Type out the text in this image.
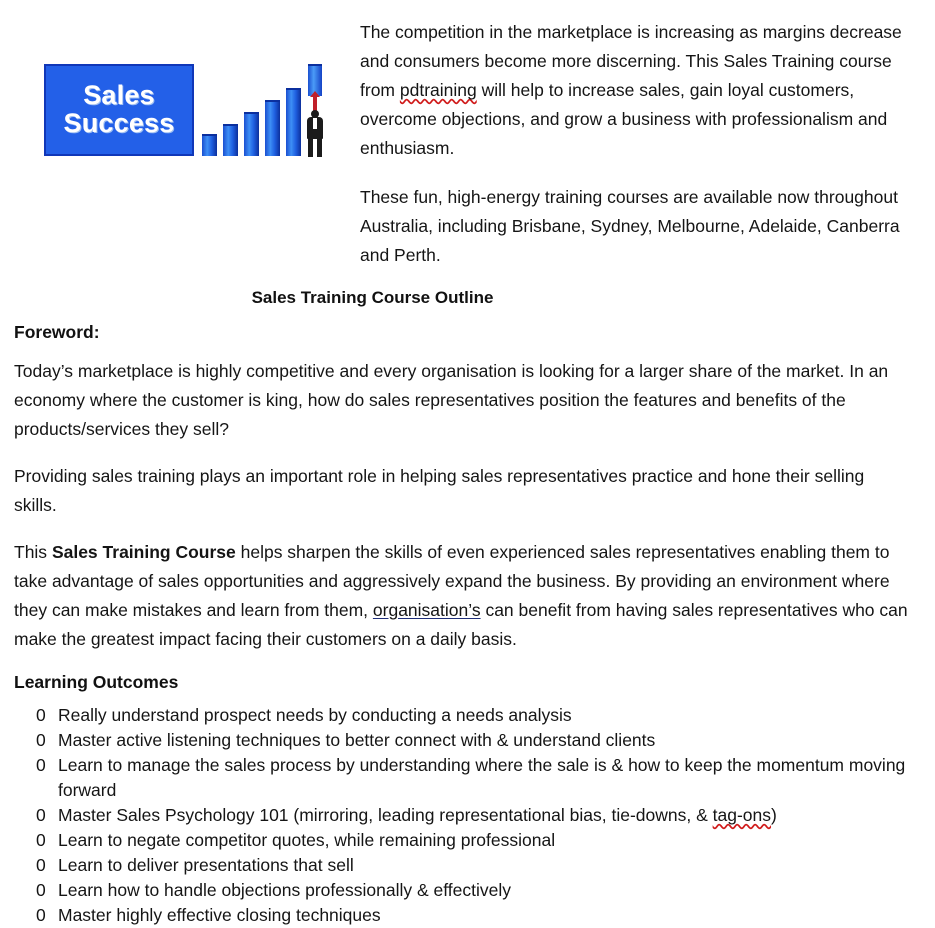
Sales
Success

The competition in the marketplace is increasing as margins decrease and consumers become more discerning. This Sales Training course from pdtraining will help to increase sales, gain loyal customers, overcome objections, and grow a business with professionalism and enthusiasm.

These fun, high-energy training courses are available now throughout Australia, including Brisbane, Sydney, Melbourne, Adelaide, Canberra and Perth.

Sales Training Course Outline
Foreword:

Today’s marketplace is highly competitive and every organisation is looking for a larger share of the market. In an economy where the customer is king, how do sales representatives position the features and benefits of the products/services they sell?

Providing sales training plays an important role in helping sales representatives practice and hone their selling skills.

This Sales Training Course helps sharpen the skills of even experienced sales representatives enabling them to take advantage of sales opportunities and aggressively expand the business. By providing an environment where they can make mistakes and learn from them, organisation’s can benefit from having sales representatives who can make the greatest impact facing their customers on a daily basis.

Learning Outcomes
0 Really understand prospect needs by conducting a needs analysis
0 Master active listening techniques to better connect with & understand clients
0 Learn to manage the sales process by understanding where the sale is & how to keep the momentum moving forward
0 Master Sales Psychology 101 (mirroring, leading representational bias, tie-downs, & tag-ons)
0 Learn to negate competitor quotes, while remaining professional
0 Learn to deliver presentations that sell
0 Learn how to handle objections professionally & effectively
0 Master highly effective closing techniques
